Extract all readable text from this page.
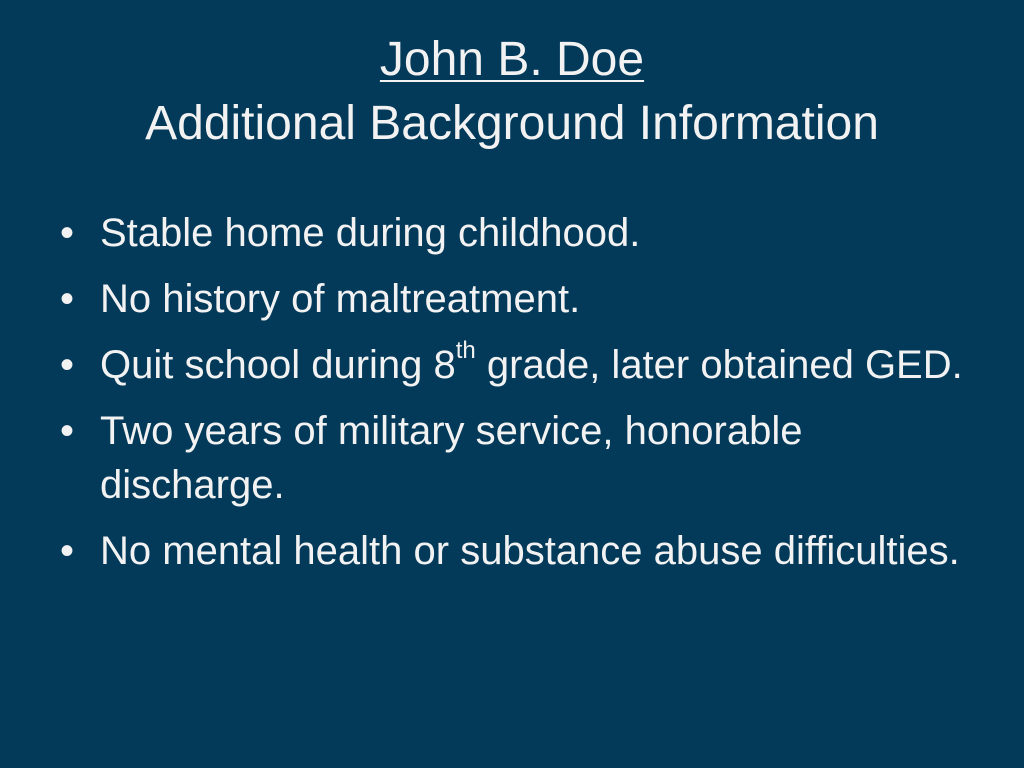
John B. Doe
Additional Background Information
• Stable home during childhood.
• No history of maltreatment.
• Quit school during 8th grade, later obtained GED.
• Two years of military service, honorable discharge.
• No mental health or substance abuse difficulties.
